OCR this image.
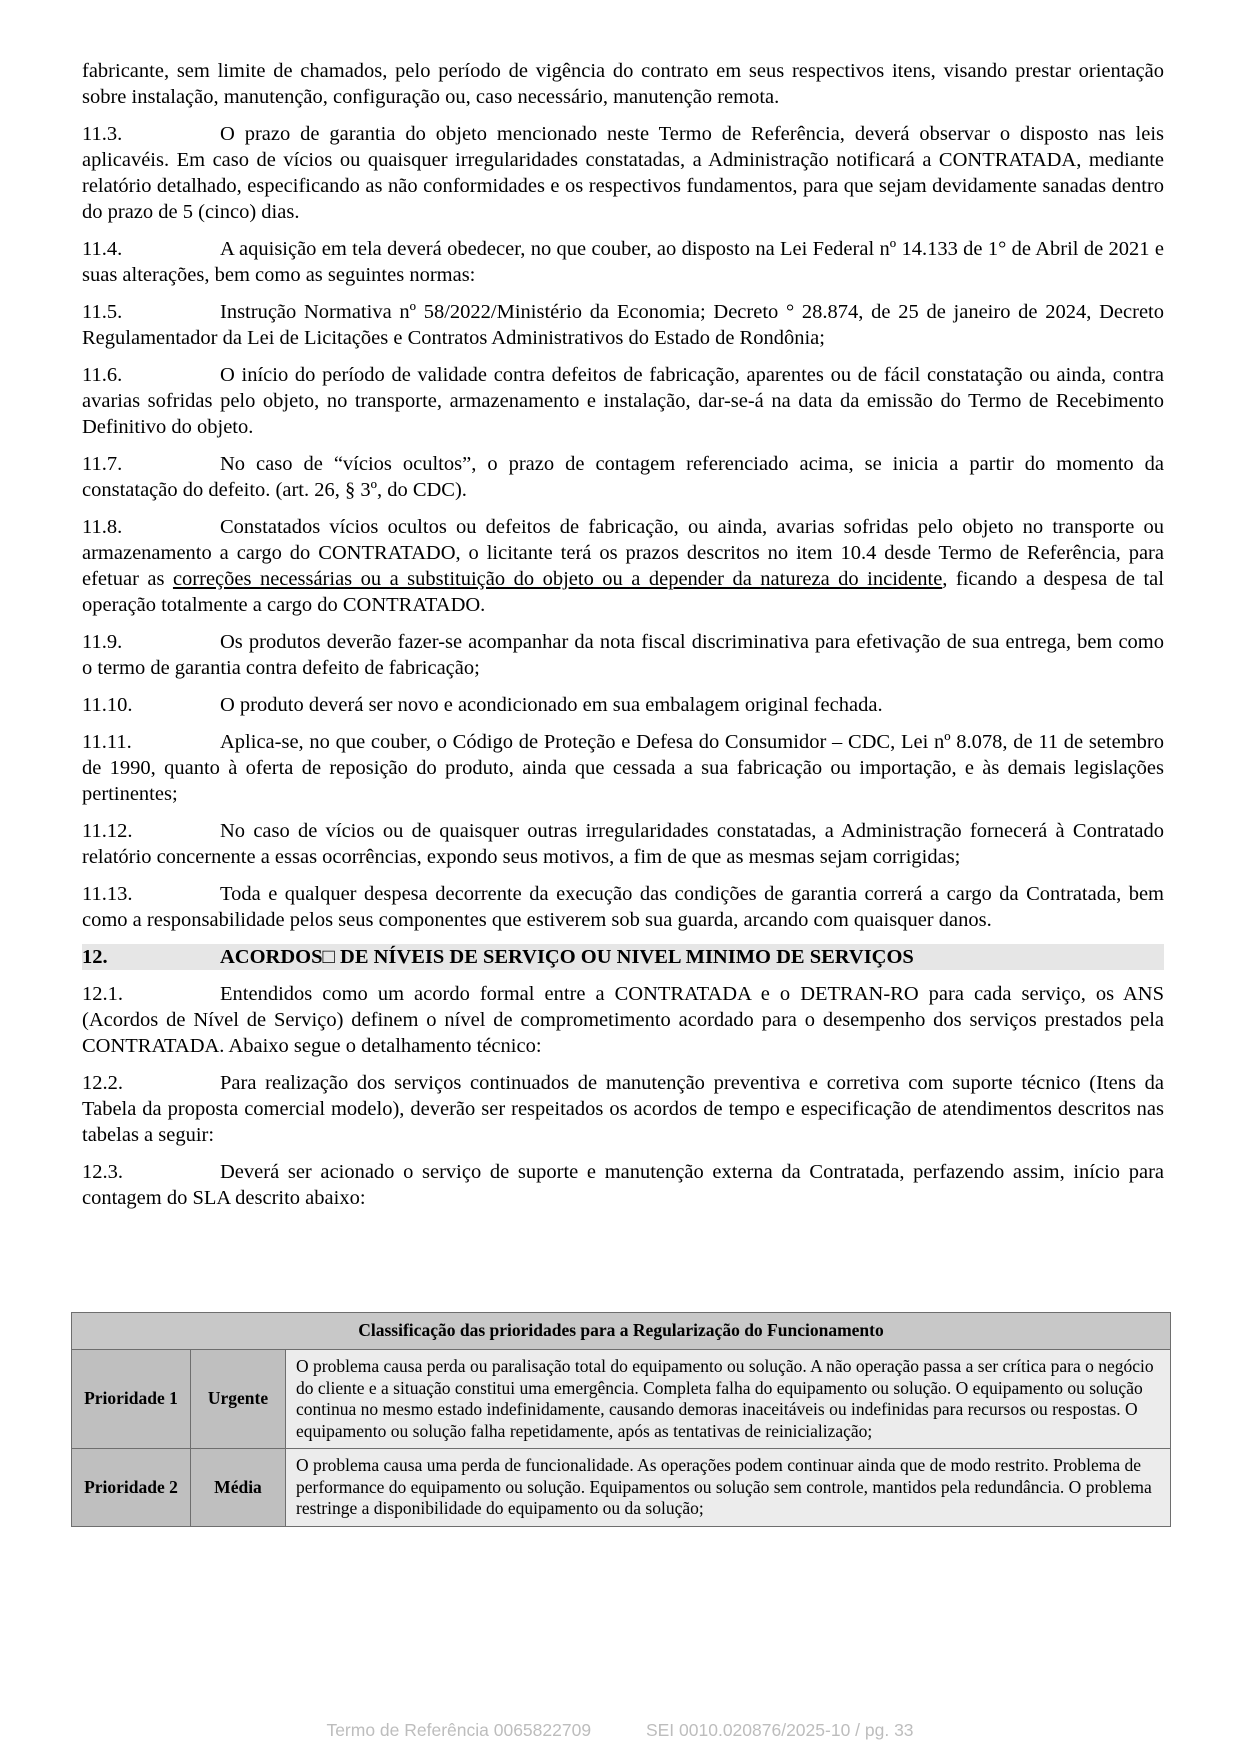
fabricante, sem limite de chamados, pelo período de vigência do contrato em seus respectivos itens, visando prestar orientação sobre instalação, manutenção, configuração ou, caso necessário, manutenção remota.

11.3.	O prazo de garantia do objeto mencionado neste Termo de Referência, deverá observar o disposto nas leis aplicavéis. Em caso de vícios ou quaisquer irregularidades constatadas, a Administração notificará a CONTRATADA, mediante relatório detalhado, especificando as não conformidades e os respectivos fundamentos, para que sejam devidamente sanadas dentro do prazo de 5 (cinco) dias.

11.4.	A aquisição em tela deverá obedecer, no que couber, ao disposto na Lei Federal nº 14.133 de 1° de Abril de 2021 e suas alterações, bem como as seguintes normas:

11.5.	Instrução Normativa nº 58/2022/Ministério da Economia; Decreto ° 28.874, de 25 de janeiro de 2024, Decreto Regulamentador da Lei de Licitações e Contratos Administrativos do Estado de Rondônia;

11.6.	O início do período de validade contra defeitos de fabricação, aparentes ou de fácil constatação ou ainda, contra avarias sofridas pelo objeto, no transporte, armazenamento e instalação, dar-se-á na data da emissão do Termo de Recebimento Definitivo do objeto.

11.7.	No caso de “vícios ocultos”, o prazo de contagem referenciado acima, se inicia a partir do momento da constatação do defeito. (art. 26, § 3º, do CDC).

11.8.	Constatados vícios ocultos ou defeitos de fabricação, ou ainda, avarias sofridas pelo objeto no transporte ou armazenamento a cargo do CONTRATADO, o licitante terá os prazos descritos no item 10.4 desde Termo de Referência, para efetuar as correções necessárias ou a substituição do objeto ou a depender da natureza do incidente, ficando a despesa de tal operação totalmente a cargo do CONTRATADO.

11.9.	Os produtos deverão fazer-se acompanhar da nota fiscal discriminativa para efetivação de sua entrega, bem como o termo de garantia contra defeito de fabricação;

11.10.	O produto deverá ser novo e acondicionado em sua embalagem original fechada.

11.11.	Aplica-se, no que couber, o Código de Proteção e Defesa do Consumidor – CDC, Lei nº 8.078, de 11 de setembro de 1990, quanto à oferta de reposição do produto, ainda que cessada a sua fabricação ou importação, e às demais legislações pertinentes;

11.12.	No caso de vícios ou de quaisquer outras irregularidades constatadas, a Administração fornecerá à Contratado relatório concernente a essas ocorrências, expondo seus motivos, a fim de que as mesmas sejam corrigidas;

11.13.	Toda e qualquer despesa decorrente da execução das condições de garantia correrá a cargo da Contratada, bem como a responsabilidade pelos seus componentes que estiverem sob sua guarda, arcando com quaisquer danos.

12.	ACORDOS□ DE NÍVEIS DE SERVIÇO OU NIVEL MINIMO DE SERVIÇOS

12.1.	Entendidos como um acordo formal entre a CONTRATADA e o DETRAN-RO para cada serviço, os ANS (Acordos de Nível de Serviço) definem o nível de comprometimento acordado para o desempenho dos serviços prestados pela CONTRATADA. Abaixo segue o detalhamento técnico:

12.2.	Para realização dos serviços continuados de manutenção preventiva e corretiva com suporte técnico (Itens da Tabela da proposta comercial modelo), deverão ser respeitados os acordos de tempo e especificação de atendimentos descritos nas tabelas a seguir:

12.3.	Deverá ser acionado o serviço de suporte e manutenção externa da Contratada, perfazendo assim, início para contagem do SLA descrito abaixo:

Classificação das prioridades para a Regularização do Funcionamento		
Prioridade 1	Urgente	O problema causa perda ou paralisação total do equipamento ou solução. A não operação passa a ser crítica para o negócio do cliente e a situação constitui uma emergência. Completa falha do equipamento ou solução. O equipamento ou solução continua no mesmo estado indefinidamente, causando demoras inaceitáveis ou indefinidas para recursos ou respostas. O equipamento ou solução falha repetidamente, após as tentativas de reinicialização;
Prioridade 2	Média	O problema causa uma perda de funcionalidade. As operações podem continuar ainda que de modo restrito. Problema de performance do equipamento ou solução. Equipamentos ou solução sem controle, mantidos pela redundância. O problema restringe a disponibilidade do equipamento ou da solução;
Termo de Referência 0065822709	SEI 0010.020876/2025-10 / pg. 33
